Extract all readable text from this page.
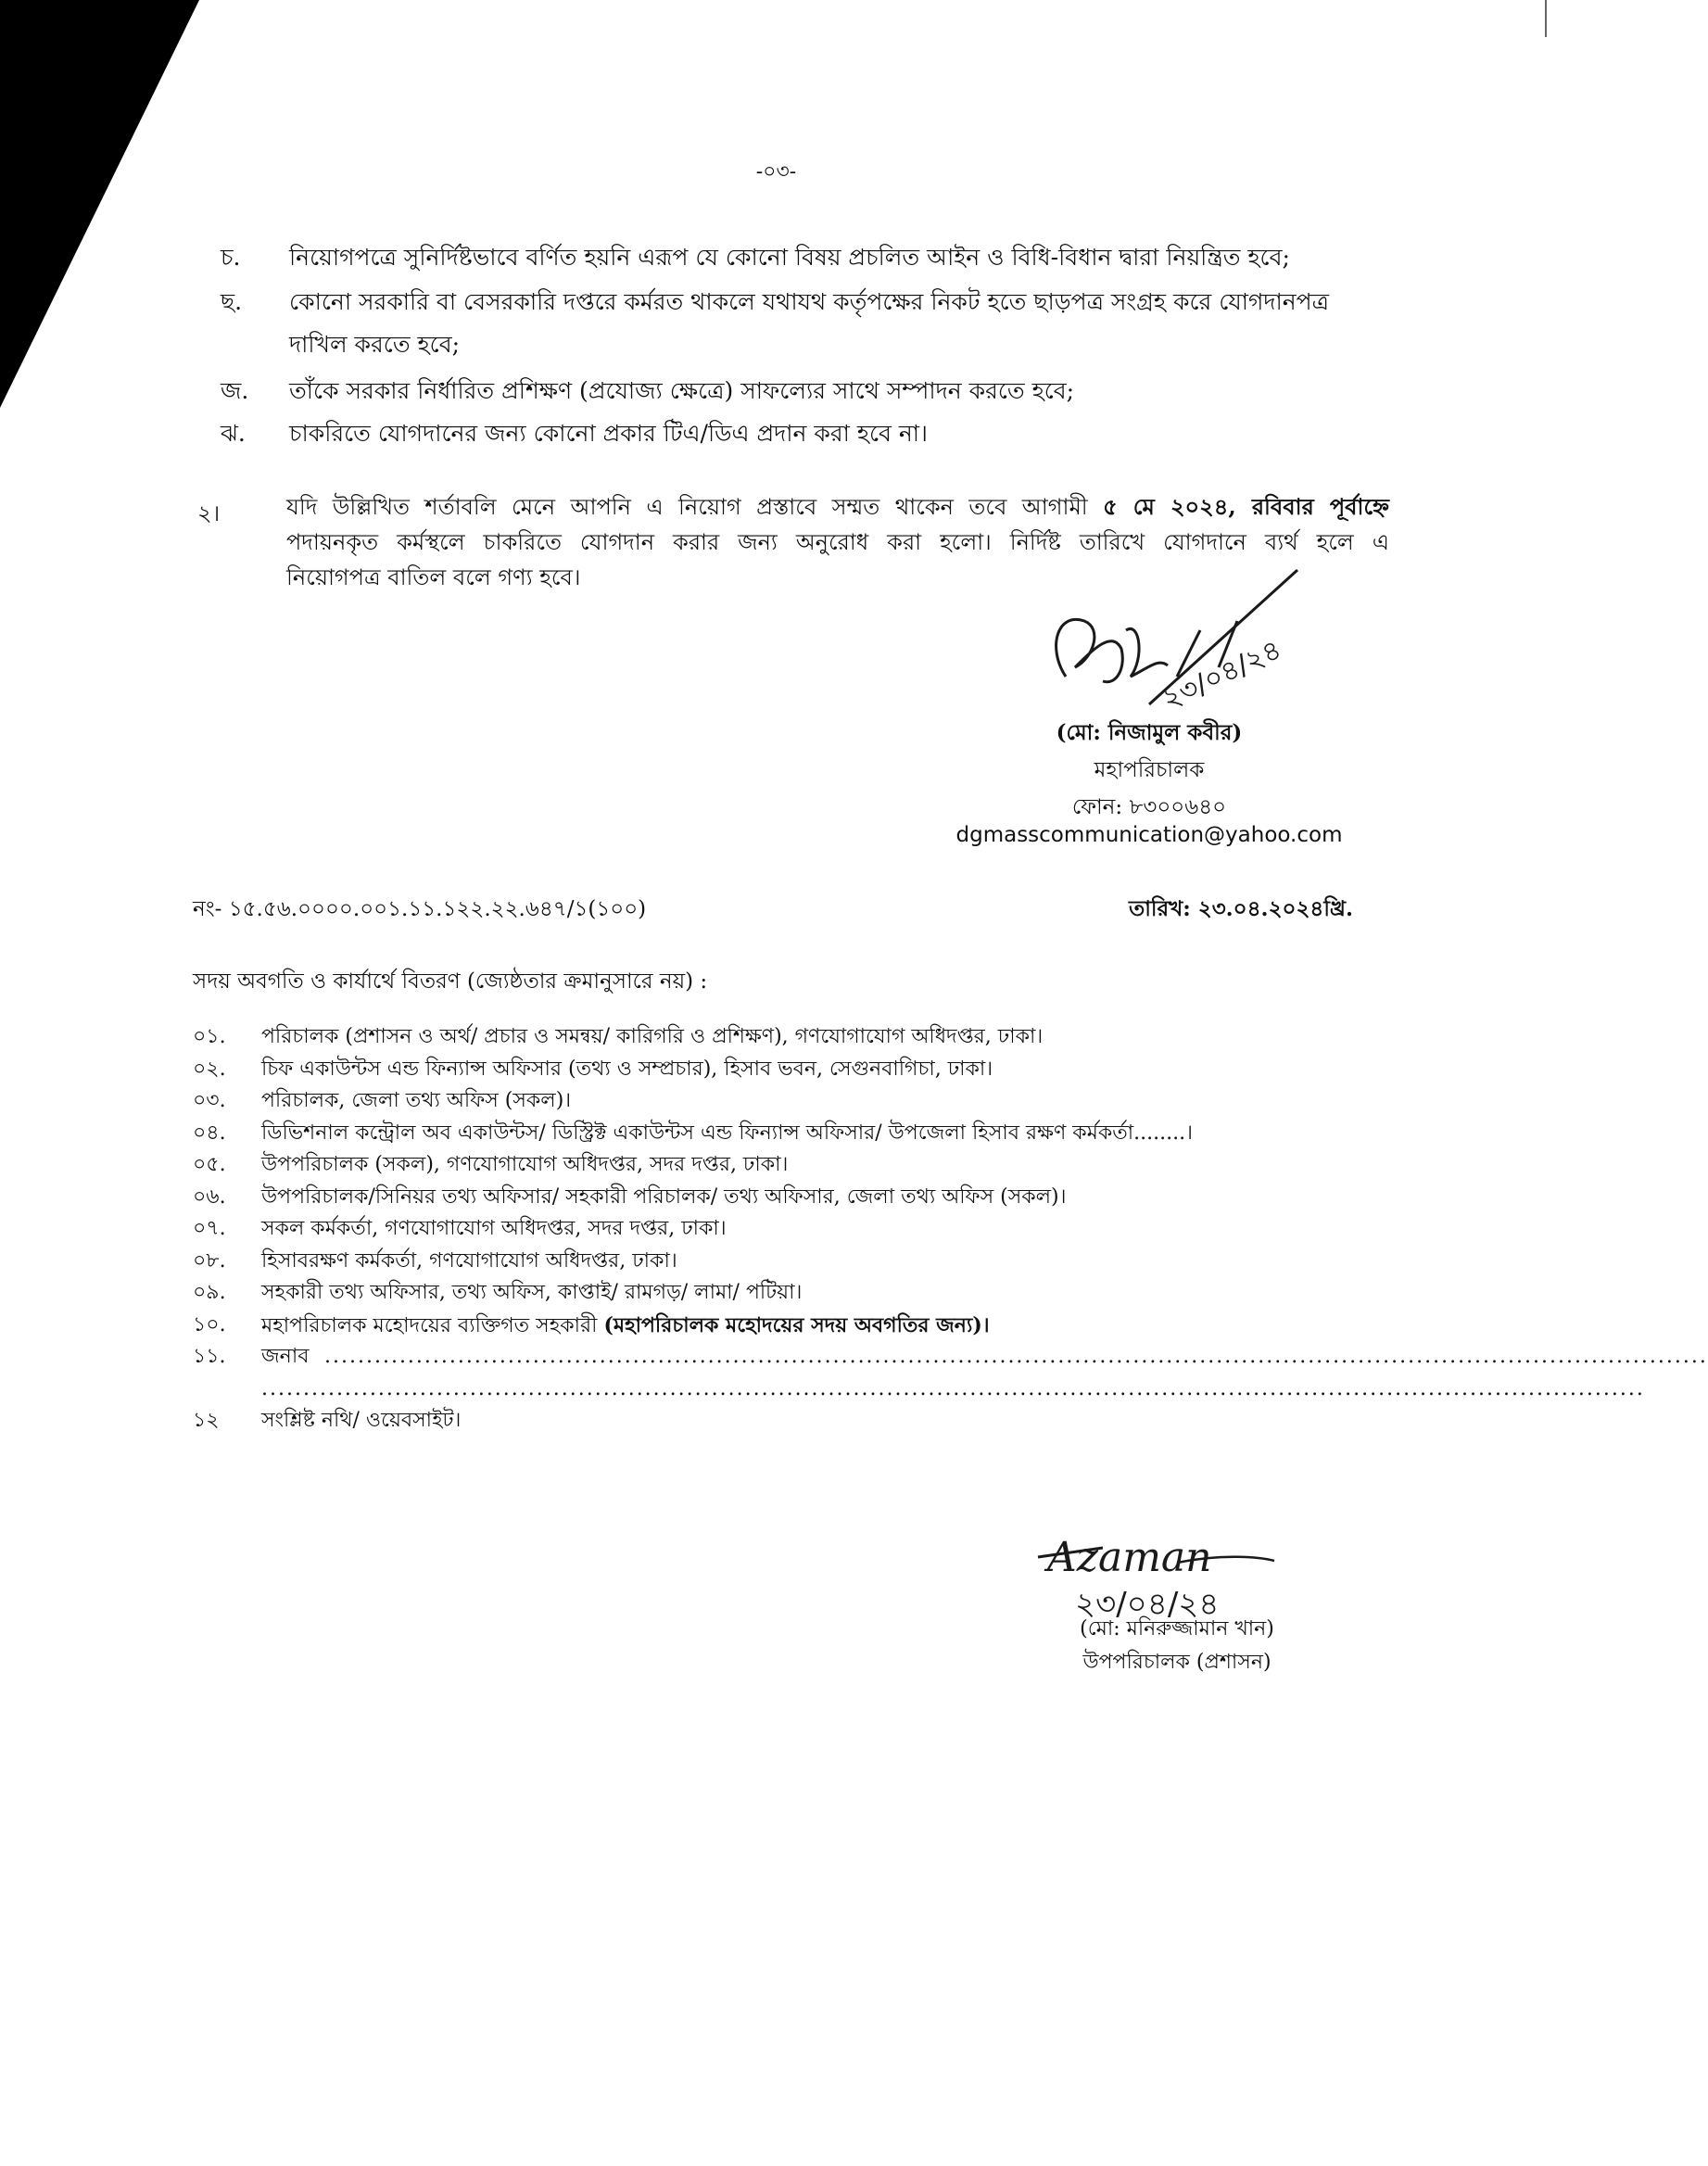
-০৩-
চ.	নিয়োগপত্রে সুনির্দিষ্টভাবে বর্ণিত হয়নি এরূপ যে কোনো বিষয় প্রচলিত আইন ও বিধি-বিধান দ্বারা নিয়ন্ত্রিত হবে;
ছ.	কোনো সরকারি বা বেসরকারি দপ্তরে কর্মরত থাকলে যথাযথ কর্তৃপক্ষের নিকট হতে ছাড়পত্র সংগ্রহ করে যোগদানপত্র
দাখিল করতে হবে;
জ.	তাঁকে সরকার নির্ধারিত প্রশিক্ষণ (প্রযোজ্য ক্ষেত্রে) সাফল্যের সাথে সম্পাদন করতে হবে;
ঝ.	চাকরিতে যোগদানের জন্য কোনো প্রকার টিএ/ডিএ প্রদান করা হবে না।
২।	যদি উল্লিখিত শর্তাবলি মেনে আপনি এ নিয়োগ প্রস্তাবে সম্মত থাকেন তবে আগামী ৫ মে ২০২৪, রবিবার পূর্বাহ্নে
পদায়নকৃত কর্মস্থলে চাকরিতে যোগদান করার জন্য অনুরোধ করা হলো। নির্দিষ্ট তারিখে যোগদানে ব্যর্থ হলে এ
নিয়োগপত্র বাতিল বলে গণ্য হবে।
২৩/০৪/২৪
(মো: নিজামুল কবীর)
মহাপরিচালক
ফোন: ৮৩০০৬৪০
dgmasscommunication@yahoo.com
নং- ১৫.৫৬.০০০০.০০১.১১.১২২.২২.৬৪৭/১(১০০)	তারিখ: ২৩.০৪.২০২৪খ্রি.
সদয় অবগতি ও কার্যার্থে বিতরণ (জ্যেষ্ঠতার ক্রমানুসারে নয়) :
০১.	পরিচালক (প্রশাসন ও অর্থ/ প্রচার ও সমন্বয়/ কারিগরি ও প্রশিক্ষণ), গণযোগাযোগ অধিদপ্তর, ঢাকা।
০২.	চিফ একাউন্টস এন্ড ফিন্যান্স অফিসার (তথ্য ও সম্প্রচার), হিসাব ভবন, সেগুনবাগিচা, ঢাকা।
০৩.	পরিচালক, জেলা তথ্য অফিস (সকল)।
০৪.	ডিভিশনাল কন্ট্রোল অব একাউন্টস/ ডিস্ট্রিক্ট একাউন্টস এন্ড ফিন্যান্স অফিসার/ উপজেলা হিসাব রক্ষণ কর্মকর্তা........।
০৫.	উপপরিচালক (সকল), গণযোগাযোগ অধিদপ্তর, সদর দপ্তর, ঢাকা।
০৬.	উপপরিচালক/সিনিয়র তথ্য অফিসার/ সহকারী পরিচালক/ তথ্য অফিসার, জেলা তথ্য অফিস (সকল)।
০৭.	সকল কর্মকর্তা, গণযোগাযোগ অধিদপ্তর, সদর দপ্তর, ঢাকা।
০৮.	হিসাবরক্ষণ কর্মকর্তা, গণযোগাযোগ অধিদপ্তর, ঢাকা।
০৯.	সহকারী তথ্য অফিসার, তথ্য অফিস, কাপ্তাই/ রামগড়/ লামা/ পটিয়া।
১০.	মহাপরিচালক মহোদয়ের ব্যক্তিগত সহকারী (মহাপরিচালক মহোদয়ের সদয় অবগতির জন্য)।
১১.	জনাব ......................................................................................................................................................................
......................................................................................................................................................................
১২	সংশ্লিষ্ট নথি/ ওয়েবসাইট।
Azaman
২৩/০৪/২৪
(মো: মনিরুজ্জামান খান)
উপপরিচালক (প্রশাসন)
